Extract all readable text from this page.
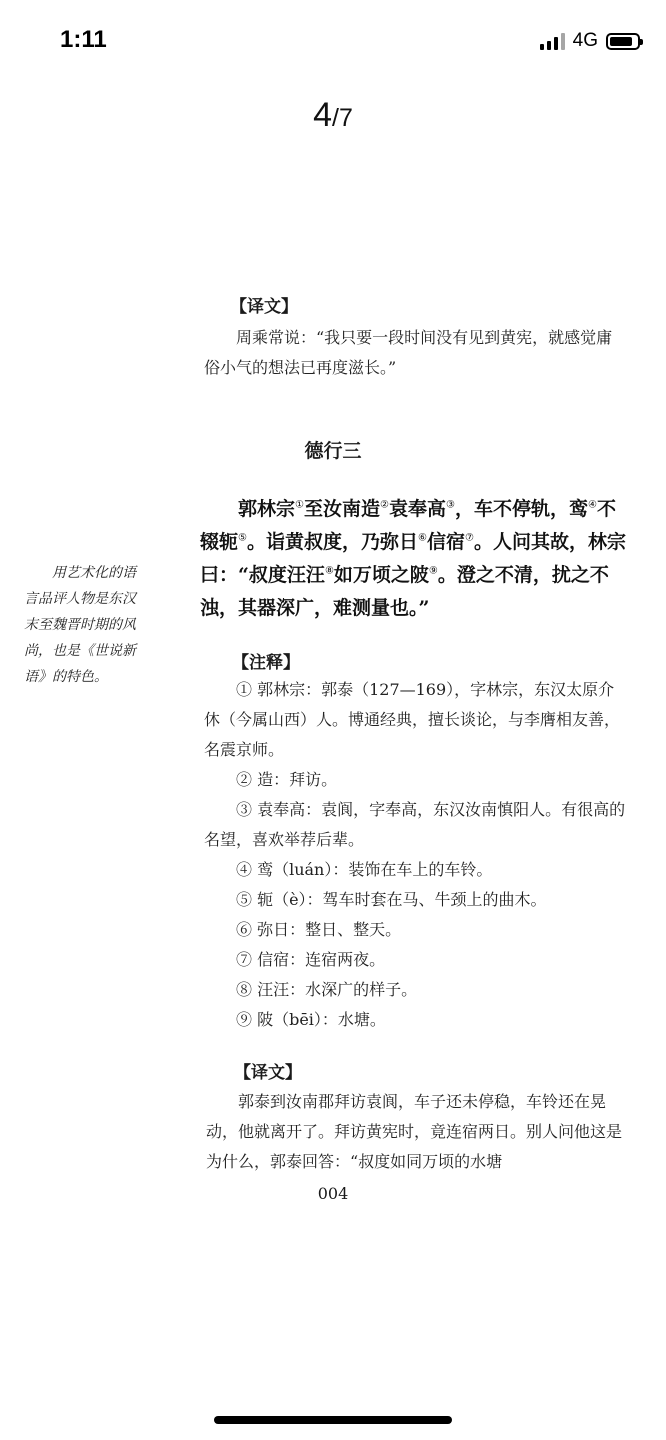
1:11	4G
4/7
【译文】

周乘常说：“我只要一段时间没有见到黄宪，就感觉庸俗小气的想法已再度滋长。”

德行三

郭林宗①至汝南造②袁奉高③，车不停轨，鸾④不辍轭⑤。诣黄叔度，乃弥日⑥信宿⑦。人问其故，林宗曰：“叔度汪汪⑧如万顷之陂⑨。澄之不清，扰之不浊，其器深广，难测量也。”

用艺术化的语言品评人物是东汉末至魏晋时期的风尚，也是《世说新语》的特色。

【注释】

① 郭林宗：郭泰（127—169），字林宗，东汉太原介休（今属山西）人。博通经典，擅长谈论，与李膺相友善，名震京师。

② 造：拜访。

③ 袁奉高：袁阆，字奉高，东汉汝南慎阳人。有很高的名望，喜欢举荐后辈。

④ 鸾（luán）：装饰在车上的车铃。

⑤ 轭（è）：驾车时套在马、牛颈上的曲木。

⑥ 弥日：整日、整天。

⑦ 信宿：连宿两夜。

⑧ 汪汪：水深广的样子。

⑨ 陂（bēi）：水塘。

【译文】

郭泰到汝南郡拜访袁阆，车子还未停稳，车铃还在晃动，他就离开了。拜访黄宪时，竟连宿两日。别人问他这是为什么，郭泰回答：“叔度如同万顷的水塘

004
